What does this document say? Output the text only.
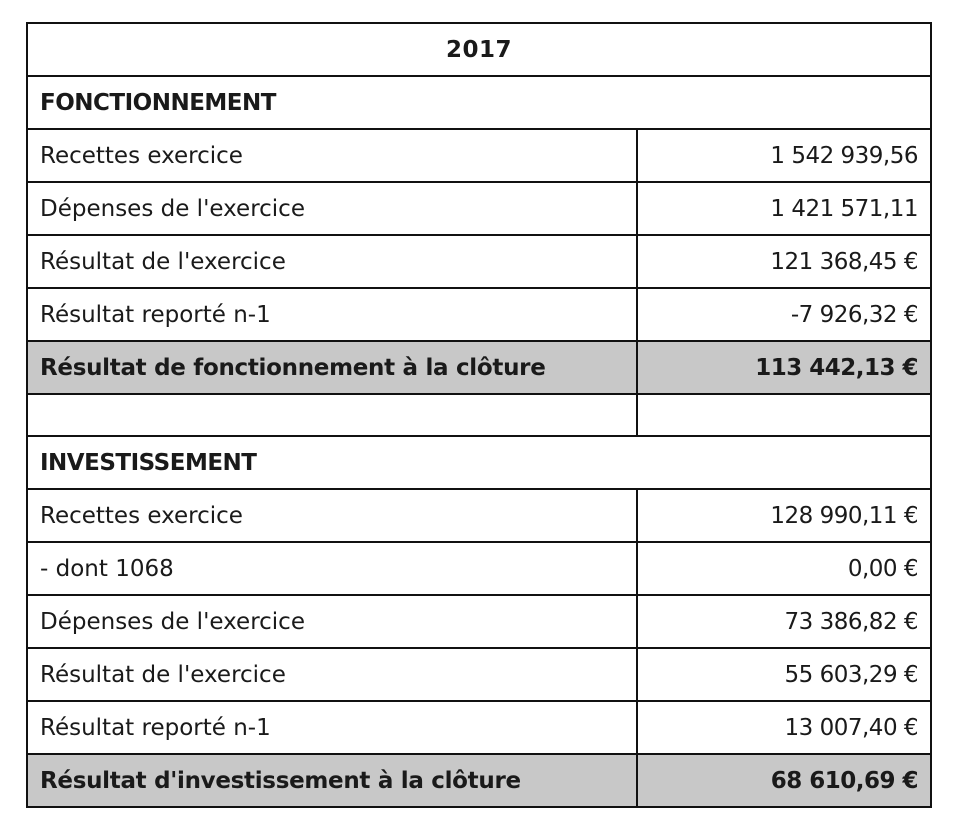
2017	
FONCTIONNEMENT	
Recettes exercice	1 542 939,56
Dépenses de l'exercice	1 421 571,11
Résultat de l'exercice	121 368,45 €
Résultat reporté n-1	-7 926,32 €
Résultat de fonctionnement à la clôture	113 442,13 €

INVESTISSEMENT	
Recettes exercice	128 990,11 €
- dont 1068	0,00 €
Dépenses de l'exercice	73 386,82 €
Résultat de l'exercice	55 603,29 €
Résultat reporté n-1	13 007,40 €
Résultat d'investissement à la clôture	68 610,69 €
